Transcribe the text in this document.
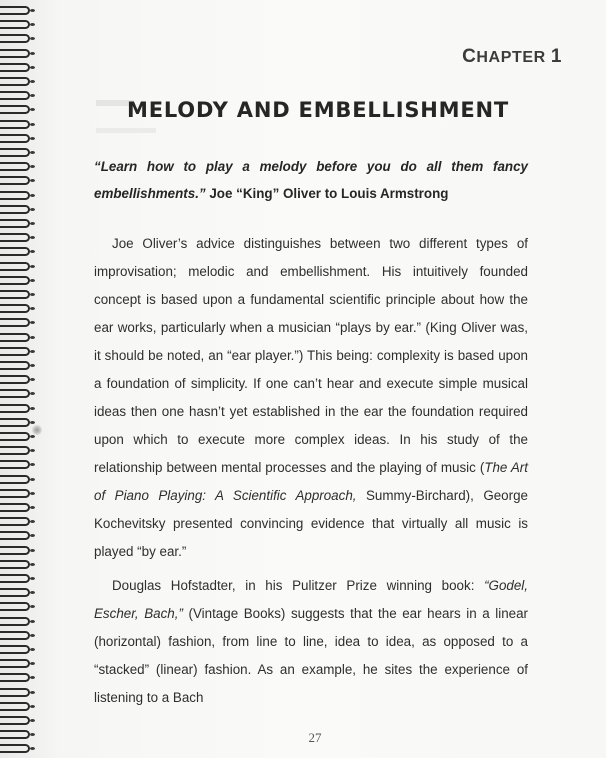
CHAPTER 1
MELODY AND EMBELLISHMENT
“Learn how to play a melody before you do all them fancy embellishments.” Joe “King” Oliver to Louis Armstrong

Joe Oliver’s advice distinguishes between two different types of improvisation; melodic and embellishment. His intuitively founded concept is based upon a fundamental scientific principle about how the ear works, particularly when a musician “plays by ear.” (King Oliver was, it should be noted, an “ear player.”) This being: complexity is based upon a foundation of simplicity. If one can’t hear and execute simple musical ideas then one hasn’t yet established in the ear the foundation required upon which to execute more complex ideas. In his study of the relationship between mental processes and the playing of music (The Art of Piano Playing: A Scientific Approach, Summy-Birchard), George Kochevitsky presented convincing evidence that virtually all music is played “by ear.”

Douglas Hofstadter, in his Pulitzer Prize winning book: “Godel, Escher, Bach,” (Vintage Books) suggests that the ear hears in a linear (horizontal) fashion, from line to line, idea to idea, as opposed to a “stacked” (linear) fashion. As an example, he sites the experience of listening to a Bach

27
